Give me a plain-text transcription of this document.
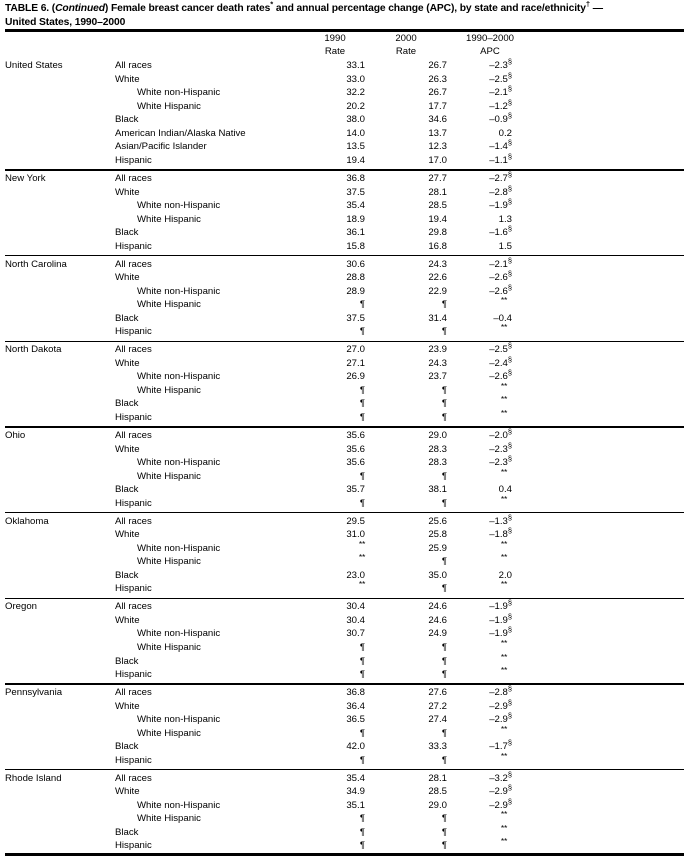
TABLE 6. (Continued) Female breast cancer death rates* and annual percentage change (APC), by state and race/ethnicity† —
United States, 1990–2000

1990
Rate

2000
Rate

1990–2000
APC

United States	All races	33.1	26.7	–2.3§	
	White	33.0	26.3	–2.5§	
	White non-Hispanic	32.2	26.7	–2.1§	
	White Hispanic	20.2	17.7	–1.2§	
	Black	38.0	34.6	–0.9§	
	American Indian/Alaska Native	14.0	13.7	0.2	
	Asian/Pacific Islander	13.5	12.3	–1.4§	
	Hispanic	19.4	17.0	–1.1§	

New York	All races	36.8	27.7	–2.7§	
	White	37.5	28.1	–2.8§	
	White non-Hispanic	35.4	28.5	–1.9§	
	White Hispanic	18.9	19.4	1.3	
	Black	36.1	29.8	–1.6§	
	Hispanic	15.8	16.8	1.5	

North Carolina	All races	30.6	24.3	–2.1§	
	White	28.8	22.6	–2.6§	
	White non-Hispanic	28.9	22.9	–2.6§	
	White Hispanic	¶	¶	**	
	Black	37.5	31.4	–0.4	
	Hispanic	¶	¶	**	

North Dakota	All races	27.0	23.9	–2.5§	
	White	27.1	24.3	–2.4§	
	White non-Hispanic	26.9	23.7	–2.6§	
	White Hispanic	¶	¶	**	
	Black	¶	¶	**	
	Hispanic	¶	¶	**	

Ohio	All races	35.6	29.0	–2.0§	
	White	35.6	28.3	–2.3§	
	White non-Hispanic	35.6	28.3	–2.3§	
	White Hispanic	¶	¶	**	
	Black	35.7	38.1	0.4	
	Hispanic	¶	¶	**	

Oklahoma	All races	29.5	25.6	–1.3§	
	White	31.0	25.8	–1.8§	
	White non-Hispanic	**	25.9	**	
	White Hispanic	**	¶	**	
	Black	23.0	35.0	2.0	
	Hispanic	**	¶	**	

Oregon	All races	30.4	24.6	–1.9§	
	White	30.4	24.6	–1.9§	
	White non-Hispanic	30.7	24.9	–1.9§	
	White Hispanic	¶	¶	**	
	Black	¶	¶	**	
	Hispanic	¶	¶	**	

Pennsylvania	All races	36.8	27.6	–2.8§	
	White	36.4	27.2	–2.9§	
	White non-Hispanic	36.5	27.4	–2.9§	
	White Hispanic	¶	¶	**	
	Black	42.0	33.3	–1.7§	
	Hispanic	¶	¶	**	

Rhode Island	All races	35.4	28.1	–3.2§	
	White	34.9	28.5	–2.9§	
	White non-Hispanic	35.1	29.0	–2.9§	
	White Hispanic	¶	¶	**	
	Black	¶	¶	**	
	Hispanic	¶	¶	**	
